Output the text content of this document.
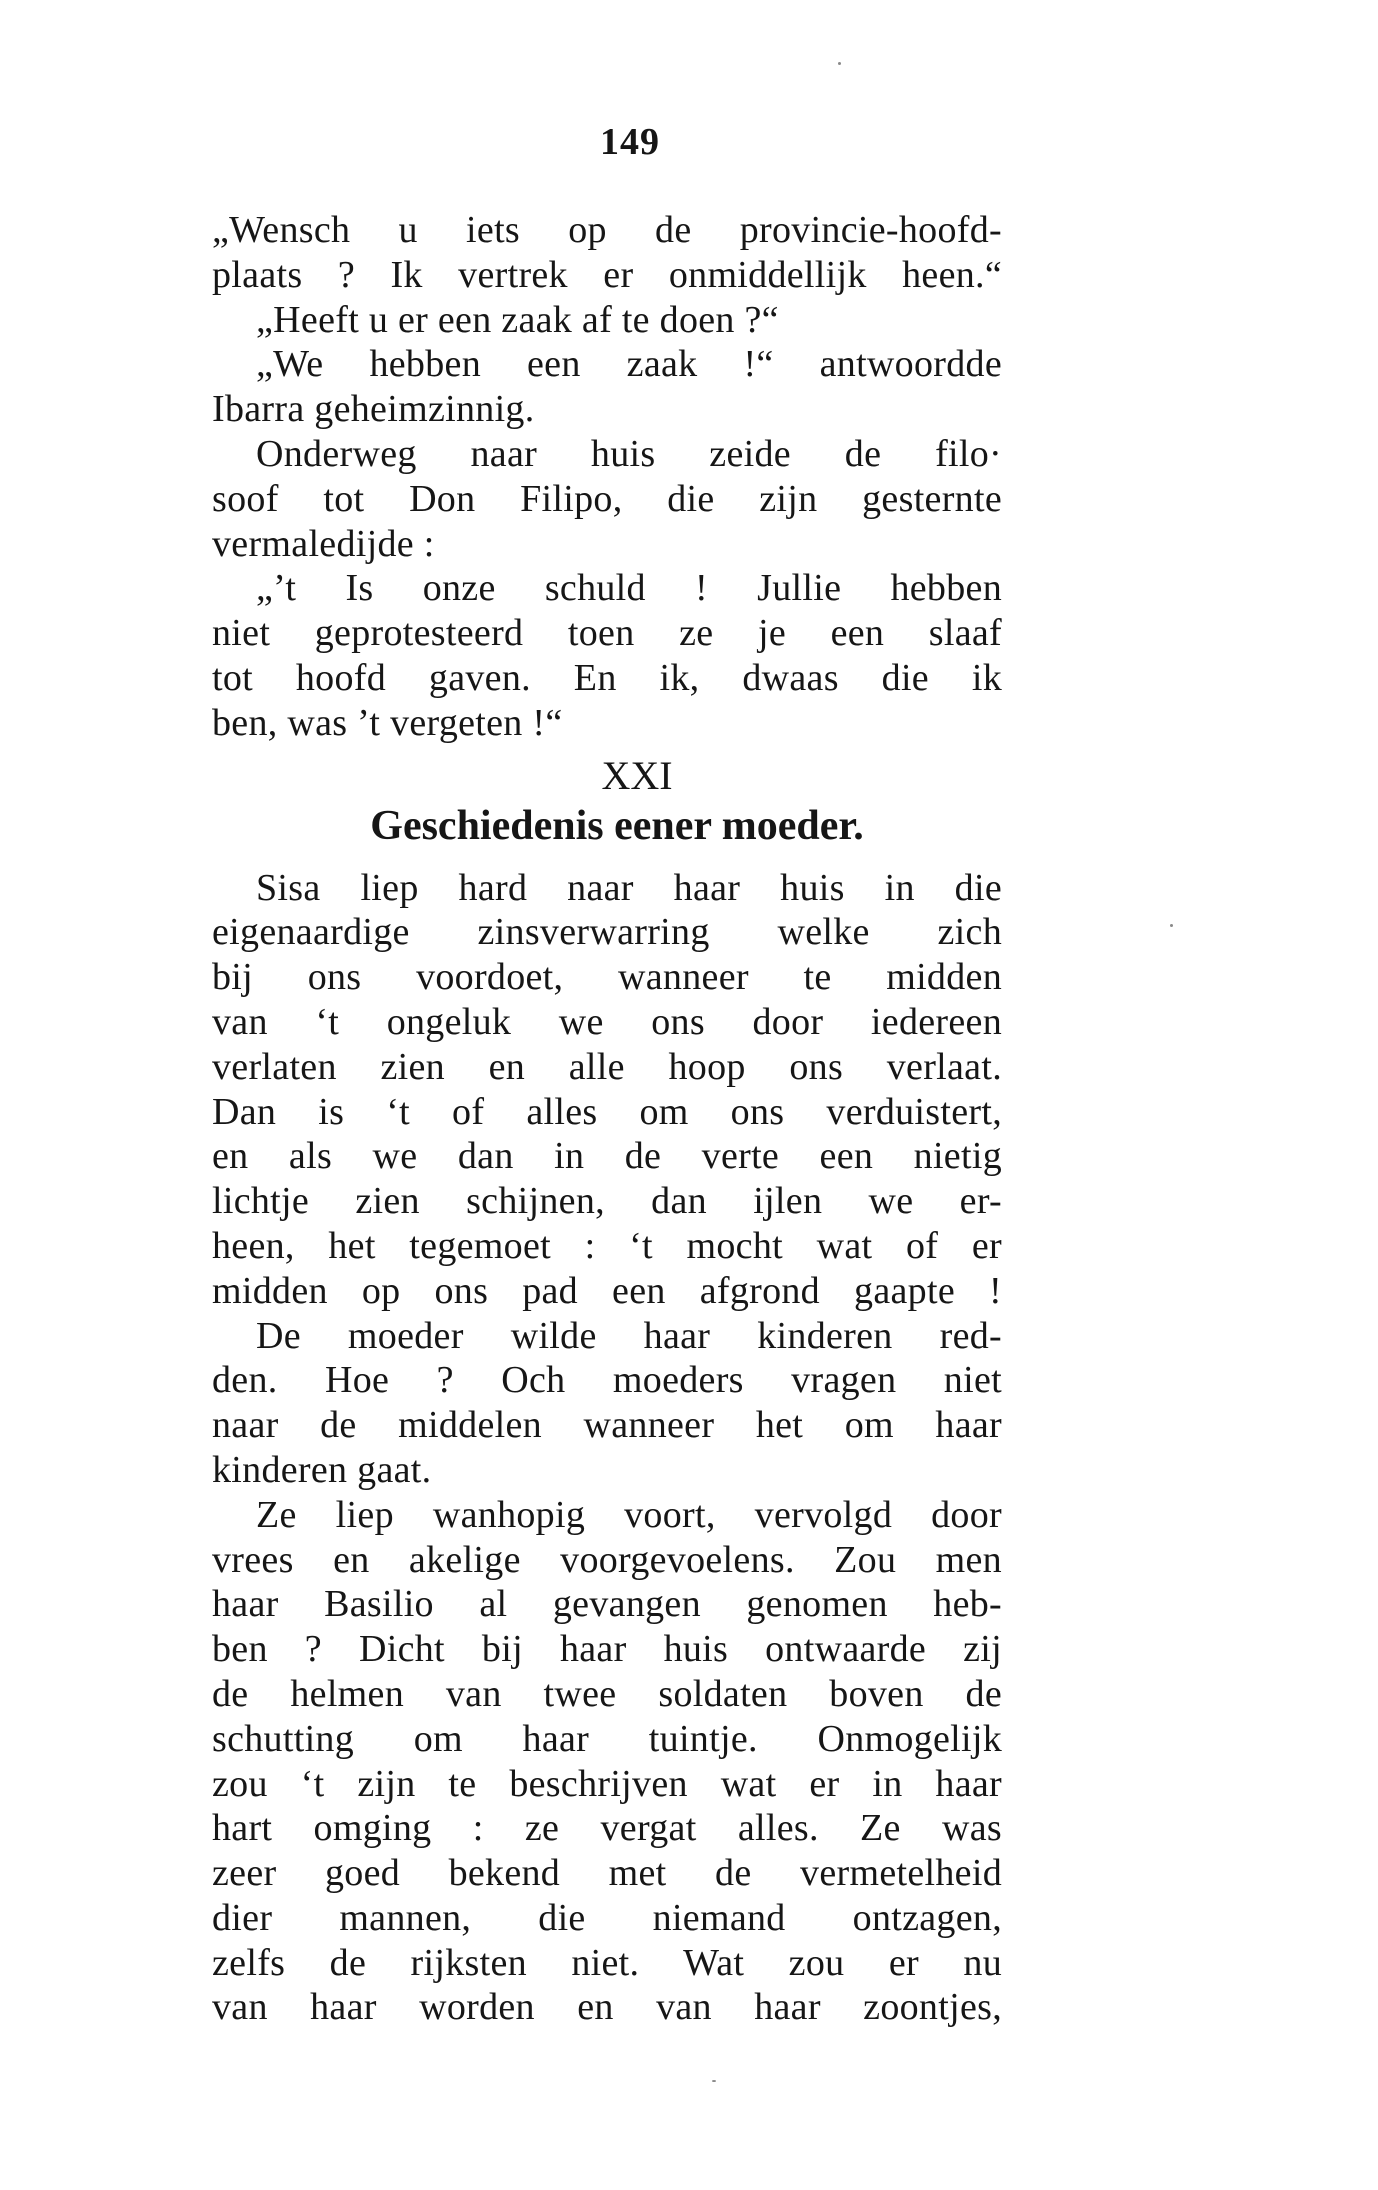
149
„Wensch u iets op de provincie-hoofd-
plaats ? Ik vertrek er onmiddellijk heen.“
„Heeft u er een zaak af te doen ?“
„We hebben een zaak !“ antwoordde
Ibarra geheimzinnig.
Onderweg naar huis zeide de filo·
soof tot Don Filipo, die zijn gesternte
vermaledijde :
„’t Is onze schuld ! Jullie hebben
niet geprotesteerd toen ze je een slaaf
tot hoofd gaven. En ik, dwaas die ik
ben, was ’t vergeten !“
XXI
Geschiedenis eener moeder.
Sisa liep hard naar haar huis in die
eigenaardige zinsverwarring welke zich
bij ons voordoet, wanneer te midden
van ‘t ongeluk we ons door iedereen
verlaten zien en alle hoop ons verlaat.
Dan is ‘t of alles om ons verduistert,
en als we dan in de verte een nietig
lichtje zien schijnen, dan ijlen we er-
heen, het tegemoet : ‘t mocht wat of er
midden op ons pad een afgrond gaapte !
De moeder wilde haar kinderen red-
den. Hoe ? Och moeders vragen niet
naar de middelen wanneer het om haar
kinderen gaat.
Ze liep wanhopig voort, vervolgd door
vrees en akelige voorgevoelens. Zou men
haar Basilio al gevangen genomen heb-
ben ? Dicht bij haar huis ontwaarde zij
de helmen van twee soldaten boven de
schutting om haar tuintje. Onmogelijk
zou ‘t zijn te beschrijven wat er in haar
hart omging : ze vergat alles. Ze was
zeer goed bekend met de vermetelheid
dier mannen, die niemand ontzagen,
zelfs de rijksten niet. Wat zou er nu
van haar worden en van haar zoontjes,
